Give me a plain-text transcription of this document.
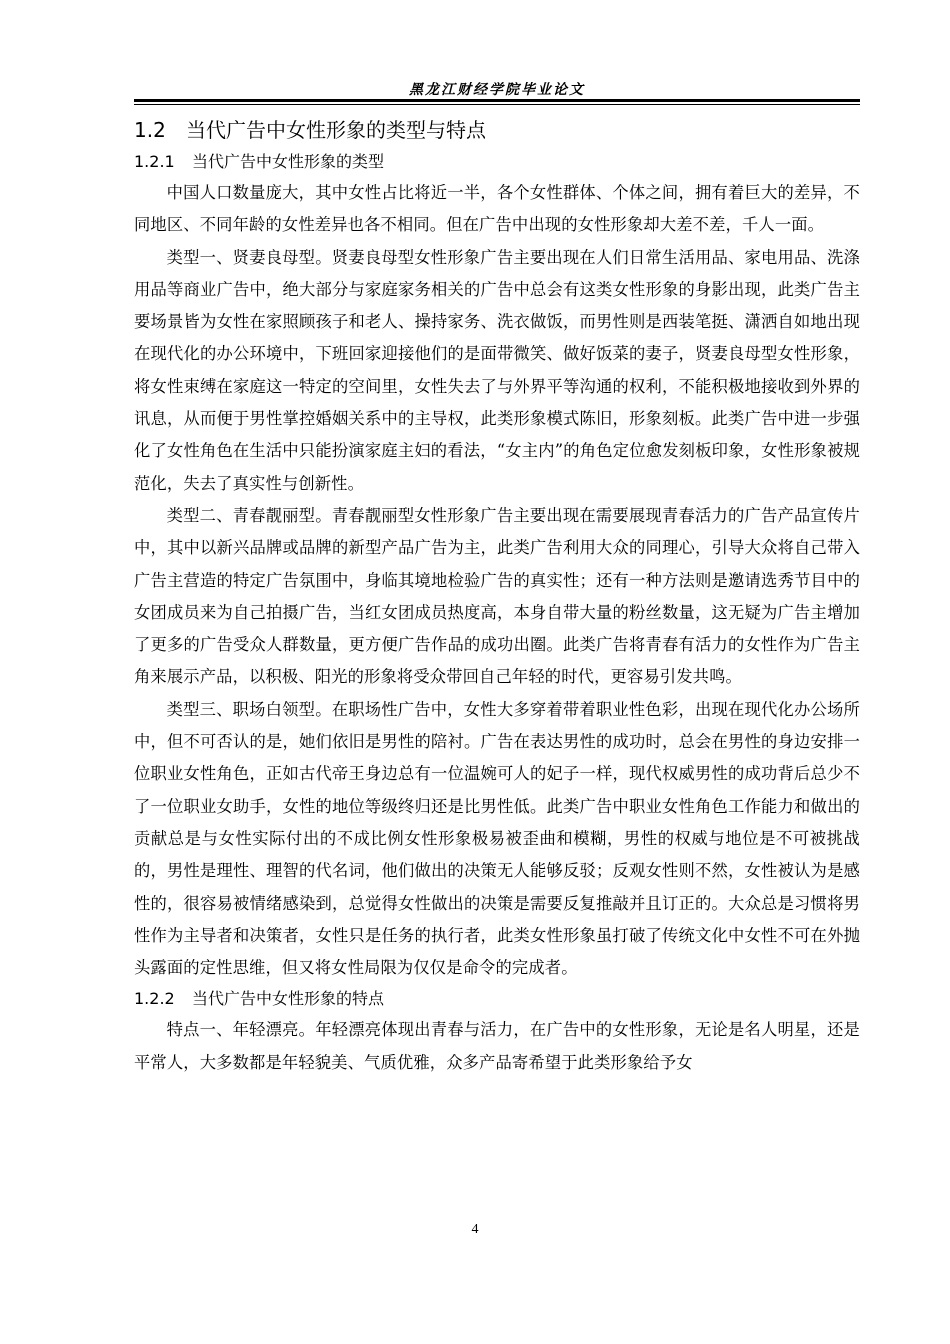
黑龙江财经学院毕业论文
1.2 当代广告中女性形象的类型与特点
1.2.1 当代广告中女性形象的类型

中国人口数量庞大，其中女性占比将近一半，各个女性群体、个体之间，拥有着巨大的差异，不同地区、不同年龄的女性差异也各不相同。但在广告中出现的女性形象却大差不差，千人一面。

类型一、贤妻良母型。贤妻良母型女性形象广告主要出现在人们日常生活用品、家电用品、洗涤用品等商业广告中，绝大部分与家庭家务相关的广告中总会有这类女性形象的身影出现，此类广告主要场景皆为女性在家照顾孩子和老人、操持家务、洗衣做饭，而男性则是西装笔挺、潇洒自如地出现在现代化的办公环境中，下班回家迎接他们的是面带微笑、做好饭菜的妻子，贤妻良母型女性形象，将女性束缚在家庭这一特定的空间里，女性失去了与外界平等沟通的权利，不能积极地接收到外界的讯息，从而便于男性掌控婚姻关系中的主导权，此类形象模式陈旧，形象刻板。此类广告中进一步强化了女性角色在生活中只能扮演家庭主妇的看法，“女主内”的角色定位愈发刻板印象，女性形象被规范化，失去了真实性与创新性。

类型二、青春靓丽型。青春靓丽型女性形象广告主要出现在需要展现青春活力的广告产品宣传片中，其中以新兴品牌或品牌的新型产品广告为主，此类广告利用大众的同理心，引导大众将自己带入广告主营造的特定广告氛围中，身临其境地检验广告的真实性；还有一种方法则是邀请选秀节目中的女团成员来为自己拍摄广告，当红女团成员热度高，本身自带大量的粉丝数量，这无疑为广告主增加了更多的广告受众人群数量，更方便广告作品的成功出圈。此类广告将青春有活力的女性作为广告主角来展示产品，以积极、阳光的形象将受众带回自己年轻的时代，更容易引发共鸣。

类型三、职场白领型。在职场性广告中，女性大多穿着带着职业性色彩，出现在现代化办公场所中，但不可否认的是，她们依旧是男性的陪衬。广告在表达男性的成功时，总会在男性的身边安排一位职业女性角色，正如古代帝王身边总有一位温婉可人的妃子一样，现代权威男性的成功背后总少不了一位职业女助手，女性的地位等级终归还是比男性低。此类广告中职业女性角色工作能力和做出的贡献总是与女性实际付出的不成比例女性形象极易被歪曲和模糊，男性的权威与地位是不可被挑战的，男性是理性、理智的代名词，他们做出的决策无人能够反驳；反观女性则不然，女性被认为是感性的，很容易被情绪感染到，总觉得女性做出的决策是需要反复推敲并且订正的。大众总是习惯将男性作为主导者和决策者，女性只是任务的执行者，此类女性形象虽打破了传统文化中女性不可在外抛头露面的定性思维，但又将女性局限为仅仅是命令的完成者。

1.2.2 当代广告中女性形象的特点

特点一、年轻漂亮。年轻漂亮体现出青春与活力，在广告中的女性形象，无论是名人明星，还是平常人，大多数都是年轻貌美、气质优雅，众多产品寄希望于此类形象给予女

4
